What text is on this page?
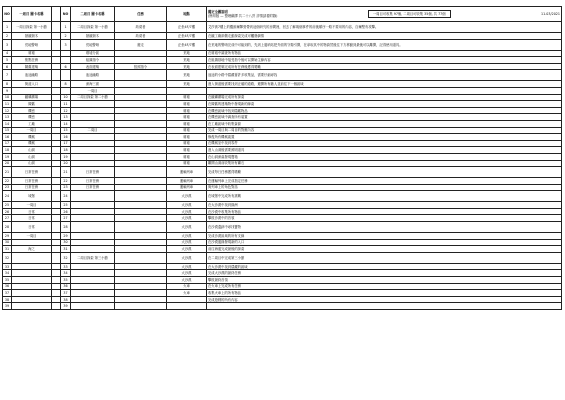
NO	一周目 關卡名稱		NO	二周目 關卡名稱	任務	地點	獨定全關說明
(簡易版 — 整理翻譯 共二十八頁 詳情請看附錄)
一周目可收集 97個, 二周目可收集 35個, 共 77個 11.03/2021

1	一周目探索 第一小節		1	二周目探索 第一小節	劫覓者	正坐4F/7樓	艾莎被7樓上的羅維爾陣營帶到這個研究的房間裡，回去了解幾個事件的前後順序一路不要用的內容，自爾堅有攻擊。
2	熱鐵街木		2	熱鐵街木	劫覓者	正坐4F/7樓	在鐵工廠兩側走動探索完成可觸發劇情
3	荒地警哨		3	荒地警哨	避走	正坐4F/7樓	在荒地的警哨完成中可能到的，先到上邊哨站把外面的守衛引開，在拿取其中的物資然後往下方移動到最後可以離開，記得使用道具。
4	廢墟			廢墟分區		荒地	在廢墟中調查所有物品
5	焦點任務			組織指令		荒地	在組織基地中接受指令後可以開始主線內容
6	陳舊建築		6	表面建築	按照指令	荒地	在表面建築完成所有任務後獲得獎勵
7	迷途幽路			迷途幽路		荒地	迷途的小路中隱藏著許多收集品，需要仔細尋找
8	街道入口		8	深海三面		荒地	進入街道後需要找到正確的道路，避開所有敵人並前往下一個區域
9				一周目			
10	鐵礦廣場		10	二周目探索 第二小節		廢墟	在鐵礦廣場完成所有探索
11	陳舊		11			廢墟	在陳舊的建築物中發現新的線索
12	機密		12			廢墟	在機密區域中找到隱藏物品
13	機密		13			廢墟	在機密區域中調查所有裝置
14	工廠		14			廢墟	在工廠區域中收集資源
15	一周目		15	二周目		廢墟	完成一周目與二周目的對應內容
16	機械		16			廢墟	修復所有機械裝置
17	機械		17			廢墟	在機械室中找到零件
18	山洞		18			廢墟	進入山洞後需要照明道具
19	山洞		19			廢墟	在山洞深處發現寶箱
20	山洞		20			廢墟	離開山洞前收集所有礦石
21	日常任務		21	日常任務		運輸列車	完成每日任務獲得獎勵
22	日常任務		22	日常任務		運輸列車	在運輸列車上完成指定任務
23	日常任務		23	日常任務		運輸列車	與列車上的角色對話
24	城堡		24			大沙漠	在城堡中完成所有挑戰
25	一周目		25			大沙漠	在大沙漠中找到綠洲
26	日常		26			大沙漠	在沙漠中收集所有物品
27	日常		27			大沙漠	擊敗沙漠中的首領
28	日常		28			大沙漠	在沙漠遺跡中尋找寶物
29	一周目		29			大沙漠	完成沙漠區域的所有支線
30			30			大沙漠	在沙漠邊緣發現新的入口
31	海之		31			大沙漠	前往海邊完成最後的探索
32			32	二周目探索 第三小節		大沙漠	在二周目中完成第三小節
33			33			大沙漠	在大沙漠中找到隱藏的區域
34			34			大沙漠	完成大沙漠的最終任務
35			35			大沙漠	擊敗最終首領
36			36			火車	在火車上完成所有任務
37			37			火車	收集火車上的所有物品
38			38				完成遊戲的所有內容
39			39				
